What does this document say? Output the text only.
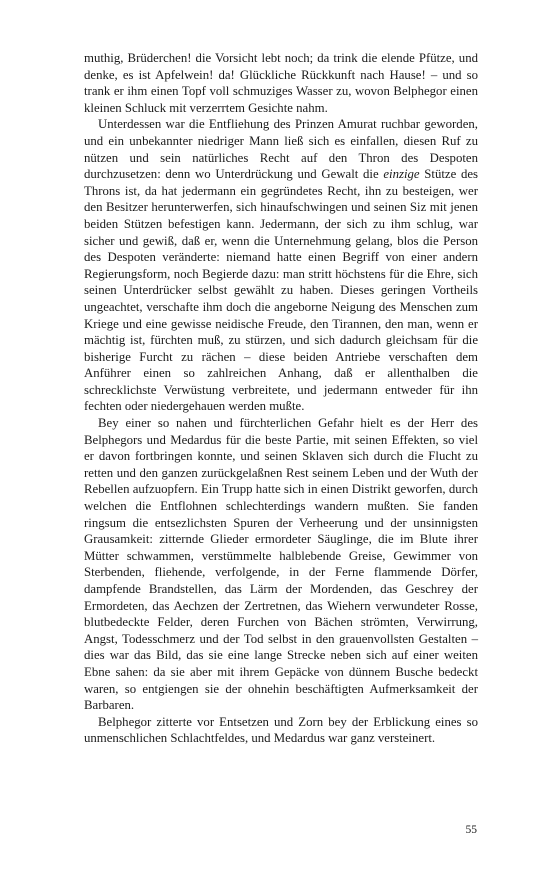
muthig, Brüderchen! die Vorsicht lebt noch; da trink die elende Pfütze, und denke, es ist Apfelwein! da! Glückliche Rückkunft nach Hause! – und so trank er ihm einen Topf voll schmuziges Wasser zu, wovon Belphegor einen kleinen Schluck mit verzerrtem Gesichte nahm.

Unterdessen war die Entfliehung des Prinzen Amurat ruchbar geworden, und ein unbekannter niedriger Mann ließ sich es einfallen, diesen Ruf zu nützen und sein natürliches Recht auf den Thron des Despoten durchzusetzen: denn wo Unterdrückung und Gewalt die einzige Stütze des Throns ist, da hat jedermann ein gegründetes Recht, ihn zu besteigen, wer den Besitzer herunterwerfen, sich hinaufschwingen und seinen Siz mit jenen beiden Stützen befestigen kann. Jedermann, der sich zu ihm schlug, war sicher und gewiß, daß er, wenn die Unternehmung gelang, blos die Person des Despoten veränderte: niemand hatte einen Begriff von einer andern Regierungsform, noch Begierde dazu: man stritt höchstens für die Ehre, sich seinen Unterdrücker selbst gewählt zu haben. Dieses geringen Vortheils ungeachtet, verschafte ihm doch die angeborne Neigung des Menschen zum Kriege und eine gewisse neidische Freude, den Tirannen, den man, wenn er mächtig ist, fürchten muß, zu stürzen, und sich dadurch gleichsam für die bisherige Furcht zu rächen – diese beiden Antriebe verschaften dem Anführer einen so zahlreichen Anhang, daß er allenthalben die schrecklichste Verwüstung verbreitete, und jedermann entweder für ihn fechten oder niedergehauen werden mußte.

Bey einer so nahen und fürchterlichen Gefahr hielt es der Herr des Belphegors und Medardus für die beste Partie, mit seinen Effekten, so viel er davon fortbringen konnte, und seinen Sklaven sich durch die Flucht zu retten und den ganzen zurückgelaßnen Rest seinem Leben und der Wuth der Rebellen aufzuopfern. Ein Trupp hatte sich in einen Distrikt geworfen, durch welchen die Entflohnen schlechterdings wandern mußten. Sie fanden ringsum die entsezlichsten Spuren der Verheerung und der unsinnigsten Grausamkeit: zitternde Glieder ermordeter Säuglinge, die im Blute ihrer Mütter schwammen, verstümmelte halblebende Greise, Gewimmer von Sterbenden, fliehende, verfolgende, in der Ferne flammende Dörfer, dampfende Brandstellen, das Lärm der Mordenden, das Geschrey der Ermordeten, das Aechzen der Zertretnen, das Wiehern verwundeter Rosse, blutbedeckte Felder, deren Furchen von Bächen strömten, Verwirrung, Angst, Todesschmerz und der Tod selbst in den grauenvollsten Gestalten – dies war das Bild, das sie eine lange Strecke neben sich auf einer weiten Ebne sahen: da sie aber mit ihrem Gepäcke von dünnem Busche bedeckt waren, so entgiengen sie der ohnehin beschäftigten Aufmerksamkeit der Barbaren.

Belphegor zitterte vor Entsetzen und Zorn bey der Erblickung eines so unmenschlichen Schlachtfeldes, und Medardus war ganz versteinert.

55
